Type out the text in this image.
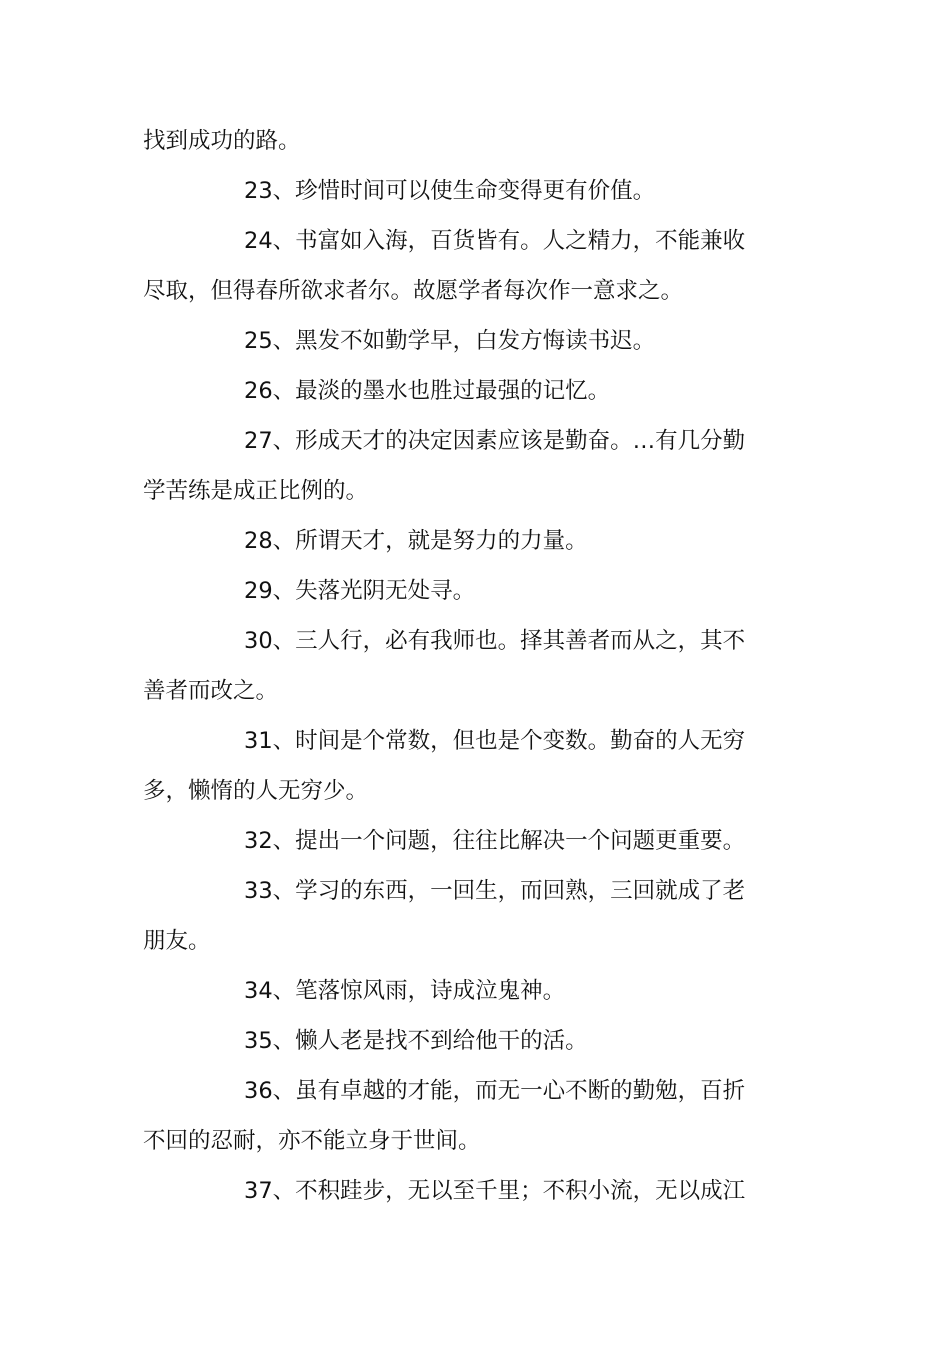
找到成功的路。
23、珍惜时间可以使生命变得更有价值。
24、书富如入海，百货皆有。人之精力，不能兼收
尽取，但得春所欲求者尔。故愿学者每次作一意求之。
25、黑发不如勤学早，白发方悔读书迟。
26、最淡的墨水也胜过最强的记忆。
27、形成天才的决定因素应该是勤奋。…有几分勤
学苦练是成正比例的。
28、所谓天才，就是努力的力量。
29、失落光阴无处寻。
30、三人行，必有我师也。择其善者而从之，其不
善者而改之。
31、时间是个常数，但也是个变数。勤奋的人无穷
多，懒惰的人无穷少。
32、提出一个问题，往往比解决一个问题更重要。
33、学习的东西，一回生，而回熟，三回就成了老
朋友。
34、笔落惊风雨，诗成泣鬼神。
35、懒人老是找不到给他干的活。
36、虽有卓越的才能，而无一心不断的勤勉，百折
不回的忍耐，亦不能立身于世间。
37、不积跬步，无以至千里；不积小流，无以成江
